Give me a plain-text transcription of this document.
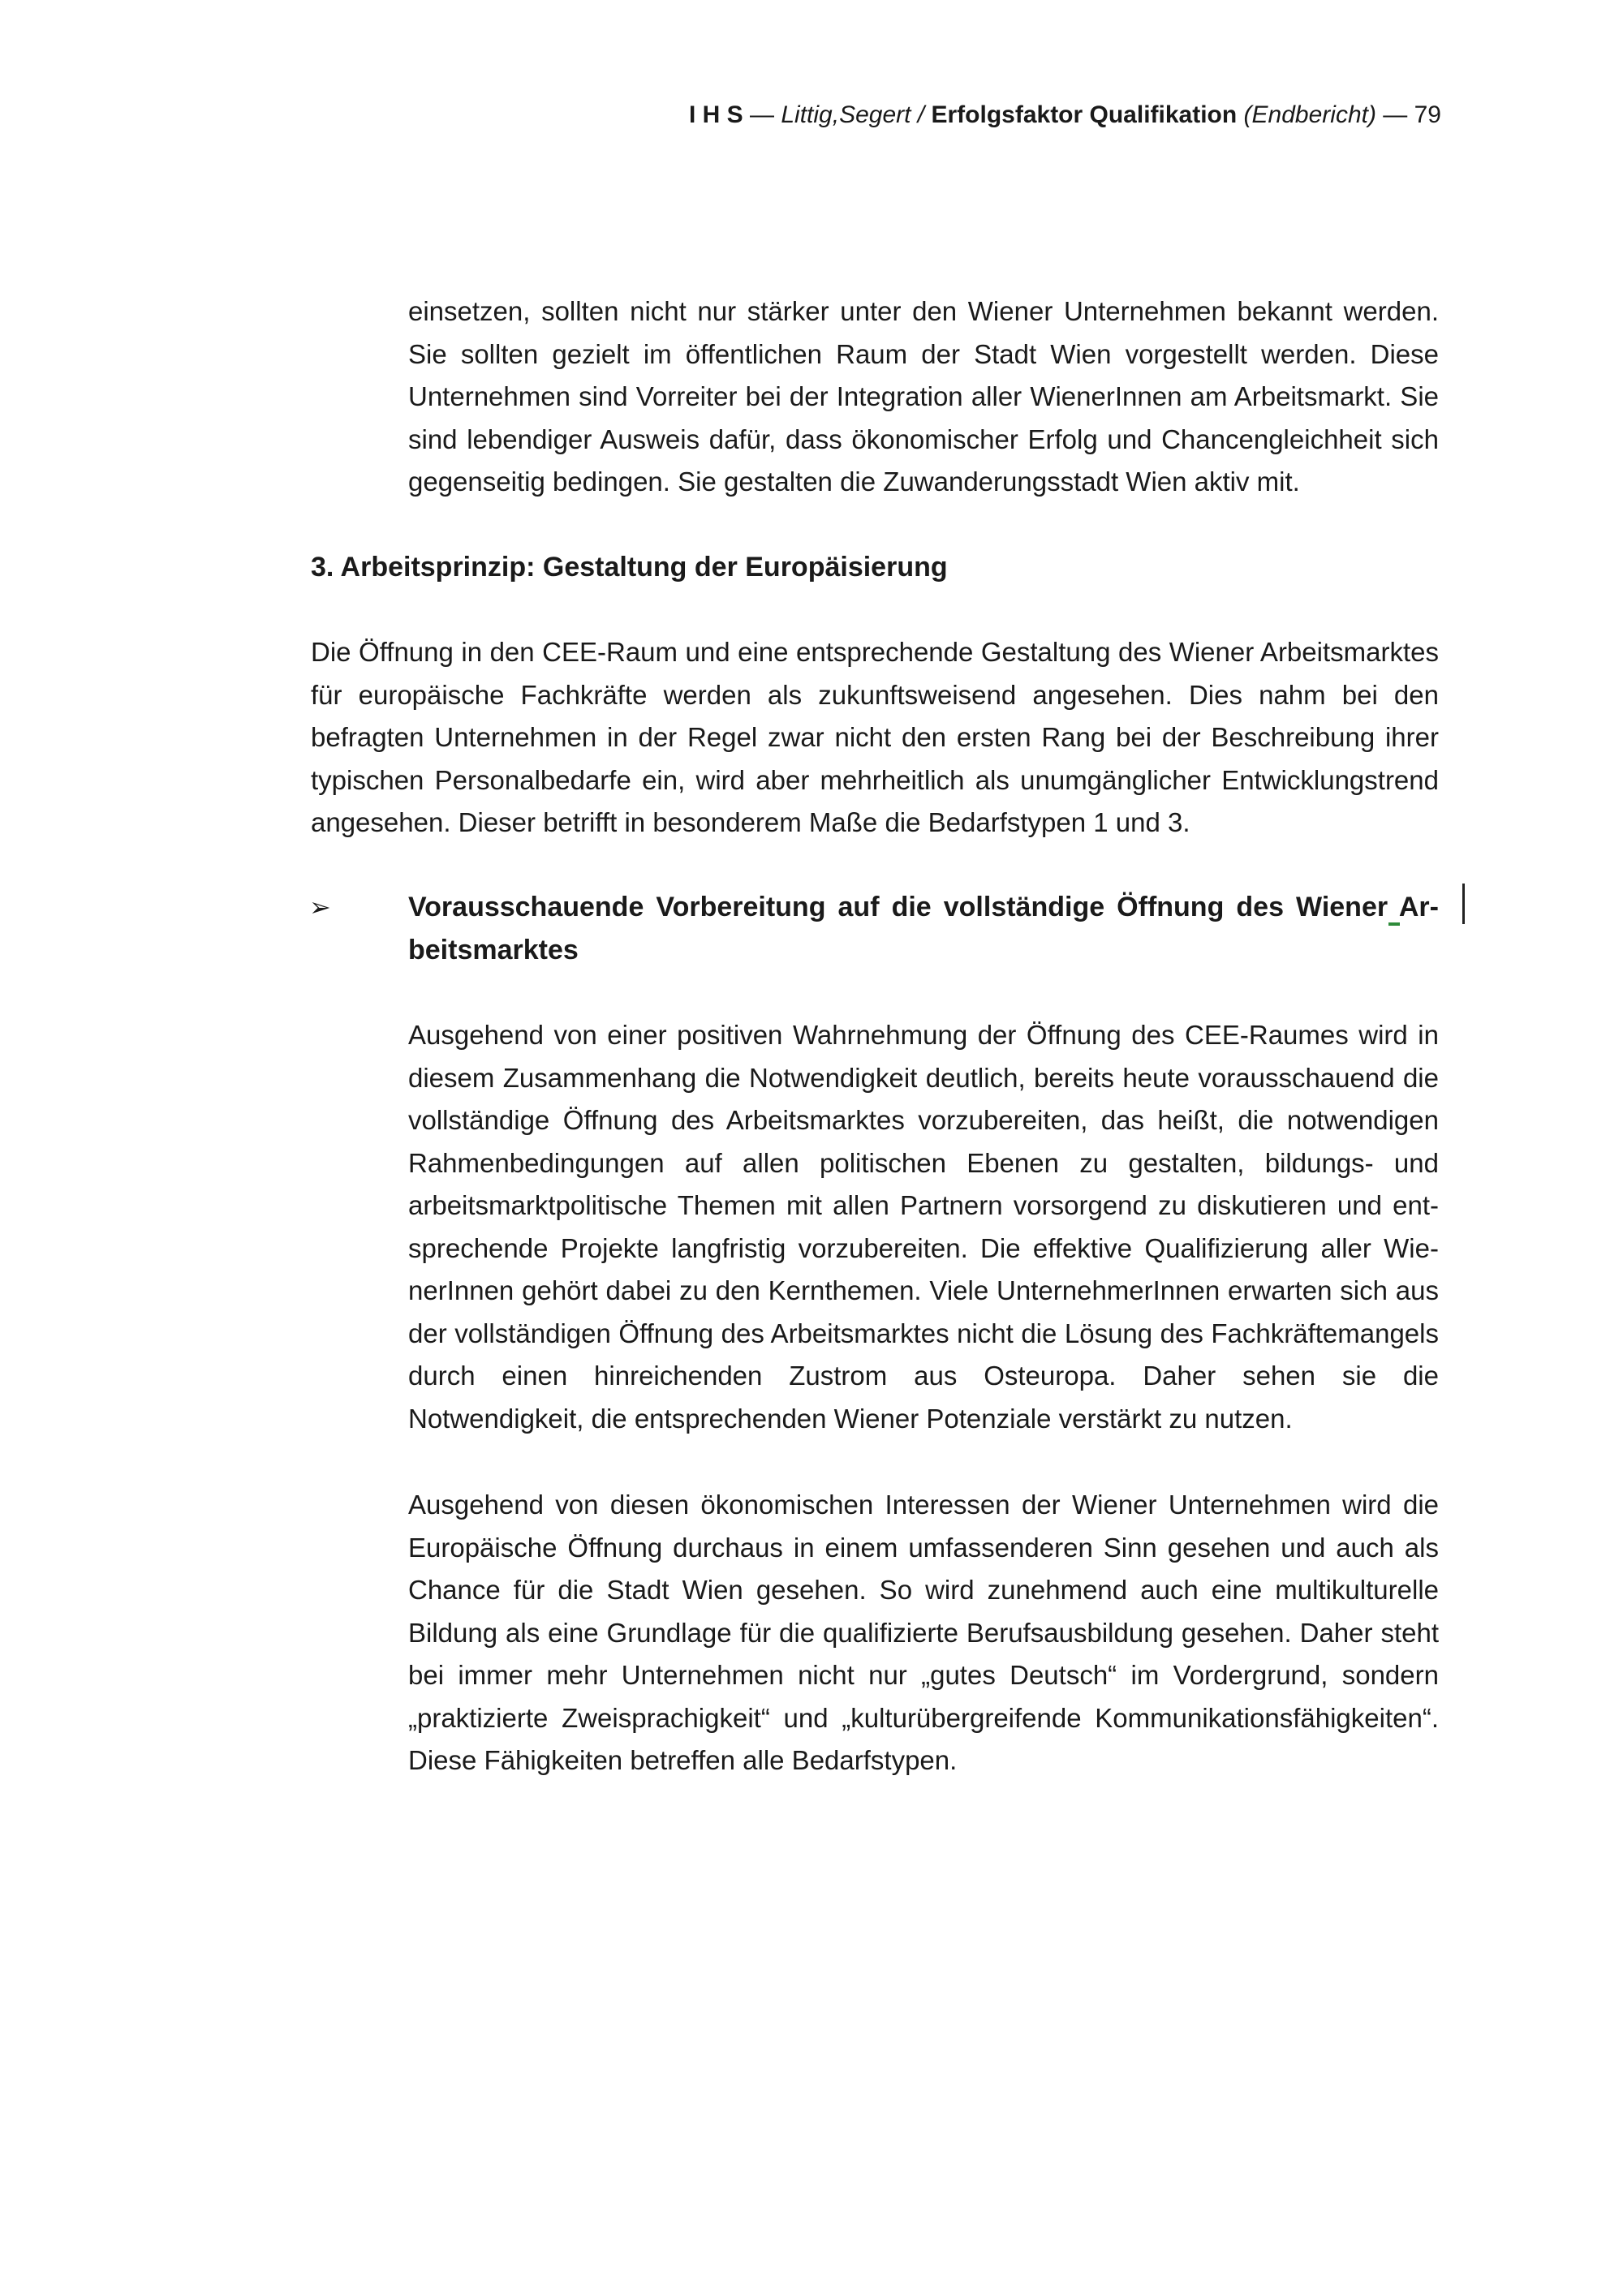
I H S — Littig,Segert / Erfolgsfaktor Qualifikation (Endbericht) — 79

einsetzen, sollten nicht nur stärker unter den Wiener Unternehmen bekannt werden. Sie sollten gezielt im öffentlichen Raum der Stadt Wien vorgestellt werden. Diese Unternehmen sind Vorreiter bei der Integration aller WienerInnen am Arbeitsmarkt. Sie sind lebendiger Ausweis dafür, dass ökonomischer Erfolg und Chancengleichheit sich gegenseitig bedingen. Sie gestalten die Zuwanderungsstadt Wien aktiv mit.

3. Arbeitsprinzip: Gestaltung der Europäisierung

Die Öffnung in den CEE-Raum und eine entsprechende Gestaltung des Wiener Arbeitsmarktes für europäische Fachkräfte werden als zukunftsweisend angesehen. Dies nahm bei den befragten Unternehmen in der Regel zwar nicht den ersten Rang bei der Beschreibung ihrer typischen Personalbedarfe ein, wird aber mehrheitlich als unumgänglicher Entwicklungstrend angesehen. Dieser betrifft in besonderem Maße die Bedarfstypen 1 und 3.

➢	Vorausschauende Vorbereitung auf die vollständige Öffnung des Wiener Arbeitsmarktes

Ausgehend von einer positiven Wahrnehmung der Öffnung des CEE-Raumes wird in diesem Zusammenhang die Notwendigkeit deutlich, bereits heute vorausschauend die vollständige Öffnung des Arbeitsmarktes vorzubereiten, das heißt, die notwendigen Rahmenbedingungen auf allen politischen Ebenen zu gestalten, bildungs- und arbeitsmarktpolitische Themen mit allen Partnern vorsorgend zu diskutieren und entsprechende Projekte langfristig vorzubereiten. Die effektive Qualifizierung aller WienerInnen gehört dabei zu den Kernthemen. Viele UnternehmerInnen erwarten sich aus der vollständigen Öffnung des Arbeitsmarktes nicht die Lösung des Fachkräftemangels durch einen hinreichenden Zustrom aus Osteuropa. Daher sehen sie die Notwendigkeit, die entsprechenden Wiener Potenziale verstärkt zu nutzen.

Ausgehend von diesen ökonomischen Interessen der Wiener Unternehmen wird die Europäische Öffnung durchaus in einem umfassenderen Sinn gesehen und auch als Chance für die Stadt Wien gesehen. So wird zunehmend auch eine multikulturelle Bildung als eine Grundlage für die qualifizierte Berufsausbildung gesehen. Daher steht bei immer mehr Unternehmen nicht nur „gutes Deutsch“ im Vordergrund, sondern „praktizierte Zweisprachigkeit“ und „kulturübergreifende Kommunikationsfähigkeiten“. Diese Fähigkeiten betreffen alle Bedarfstypen.
